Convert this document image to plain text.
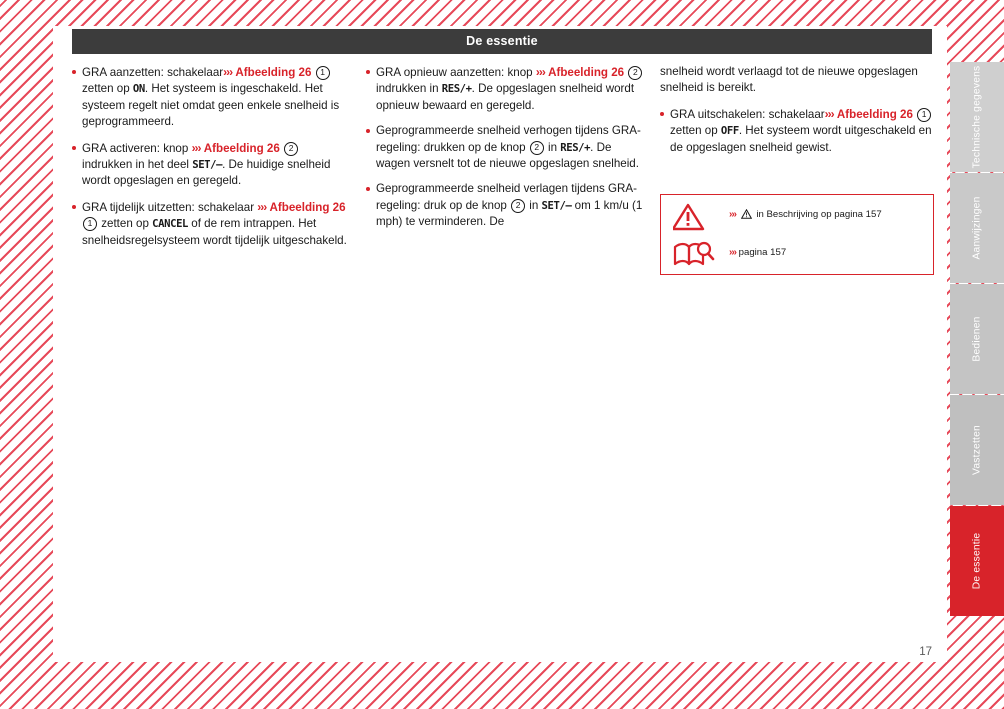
De essentie
GRA aanzetten: schakelaar››› Afbeelding 26 1 zetten op ON. Het systeem is ingeschakeld. Het systeem regelt niet omdat geen enkele snelheid is geprogrammeerd.
GRA activeren: knop ››› Afbeelding 26 2 indrukken in het deel SET/–. De huidige snelheid wordt opgeslagen en geregeld.
GRA tijdelijk uitzetten: schakelaar ››› Afbeelding 26 1 zetten op CANCEL of de rem intrappen. Het snelheidsregelsysteem wordt tijdelijk uitgeschakeld.
GRA opnieuw aanzetten: knop ››› Afbeelding 26 2 indrukken in RES/+. De opgeslagen snelheid wordt opnieuw bewaard en geregeld.
Geprogrammeerde snelheid verhogen tijdens GRA-regeling: drukken op de knop 2 in RES/+. De wagen versnelt tot de nieuwe opgeslagen snelheid.
Geprogrammeerde snelheid verlagen tijdens GRA-regeling: druk op de knop 2 in SET/– om 1 km/u (1 mph) te verminderen. De
snelheid wordt verlaagd tot de nieuwe opgeslagen snelheid is bereikt.
GRA uitschakelen: schakelaar››› Afbeelding 26 1 zetten op OFF. Het systeem wordt uitgeschakeld en de opgeslagen snelheid gewist.
››› in Beschrijving op pagina 157
››› pagina 157
17
Technische gegevens
Aanwijzingen
Bedienen
Vastzetten
De essentie
